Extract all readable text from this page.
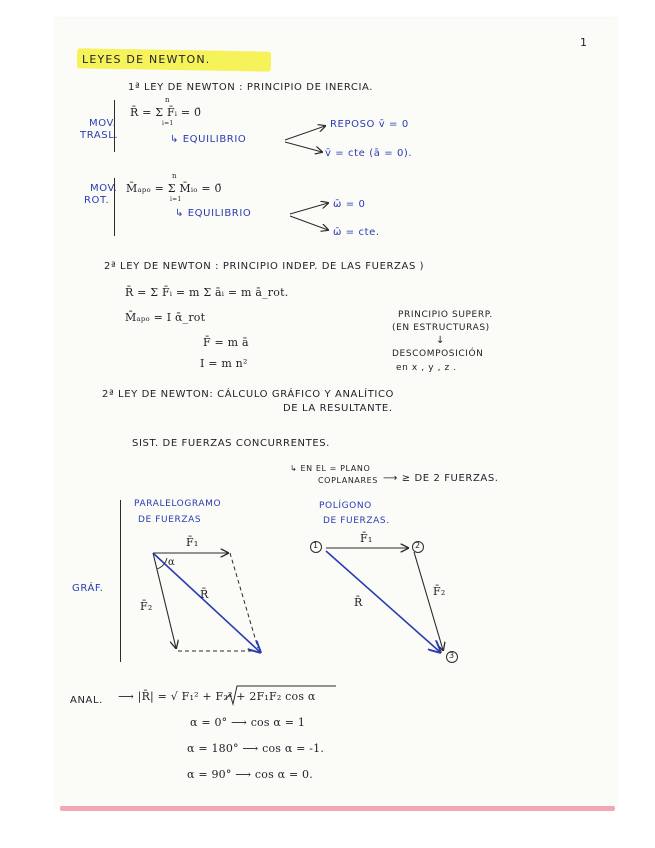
1
LEYES DE NEWTON.
1ª LEY DE NEWTON : PRINCIPIO DE INERCIA.
MOV.
TRASL.
n
R̄ = Σ F̄ᵢ = 0̄
i=1
↳ EQUILIBRIO
REPOSO v̄ = 0
v̄ = cte (ā = 0).
MOV.
ROT.
n
M̄ₐₚₒ = Σ M̄ᵢₒ = 0̄
i=1
↳ EQUILIBRIO
ω̄ = 0
ω̄ = cte.
2ª LEY DE NEWTON : PRINCIPIO INDEP. DE LAS FUERZAS )
R̄ = Σ F̄ᵢ = m Σ āᵢ = m ā_rot.
M̄ₐₚₒ = I ᾱ_rot
F̄ = m ā
I = m n²
PRINCIPIO SUPERP.
(EN ESTRUCTURAS)
↓
DESCOMPOSICIÓN
en x , y , z .
2ª LEY DE NEWTON: CÁLCULO GRÁFICO Y ANALÍTICO
DE LA RESULTANTE.
SIST. DE FUERZAS CONCURRENTES.
↳ EN EL = PLANO
COPLANARES ⟶ ≥ DE 2 FUERZAS.
PARALELOGRAMO
DE FUERZAS
POLÍGONO
DE FUERZAS.
GRÁF.
F̄₁
F̄₂
R̄
α
F̄₁
F̄₂
R̄
1	2
3
ANAL. ⟶ |R̄| = √ F₁² + F₂² + 2F₁F₂ cos α
α = 0° ⟶ cos α = 1
α = 180° ⟶ cos α = -1.
α = 90° ⟶ cos α = 0.
